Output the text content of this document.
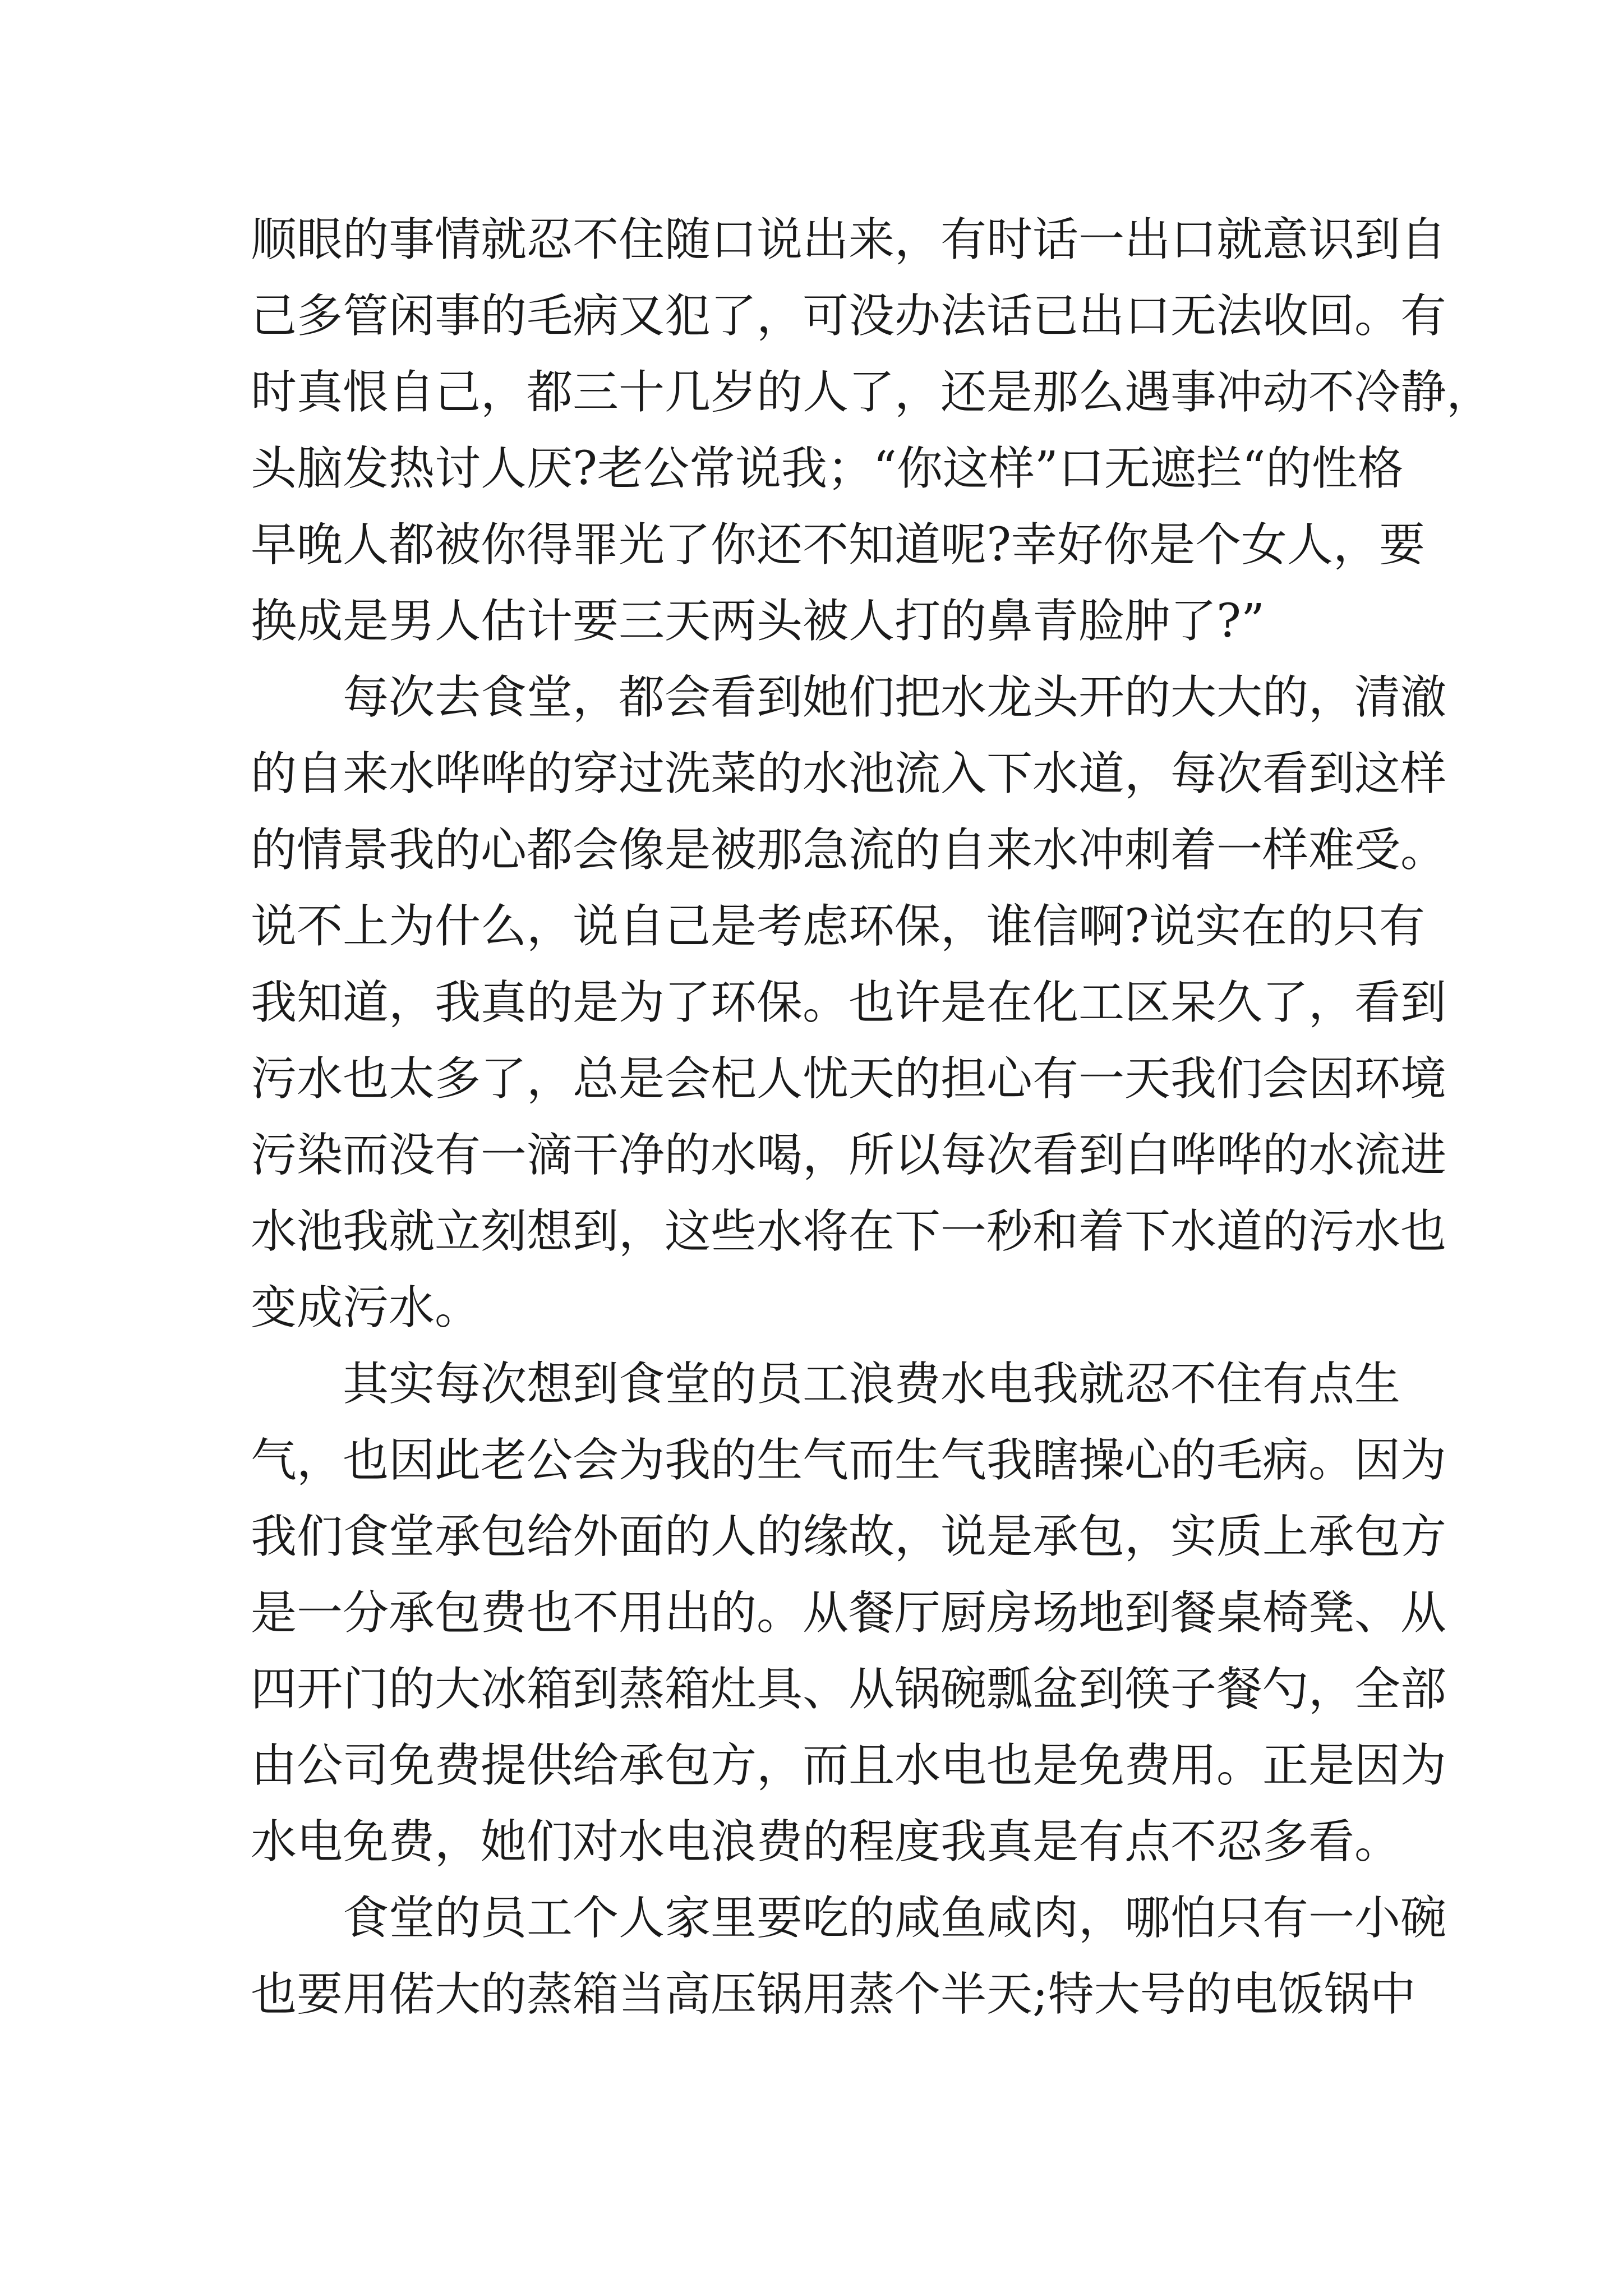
顺眼的事情就忍不住随口说出来，有时话一出口就意识到自
己多管闲事的毛病又犯了，可没办法话已出口无法收回。有
时真恨自己，都三十几岁的人了，还是那么遇事冲动不冷静，
头脑发热讨人厌?老公常说我；“你这样”口无遮拦“的性格
早晚人都被你得罪光了你还不知道呢?幸好你是个女人，要
换成是男人估计要三天两头被人打的鼻青脸肿了?”
每次去食堂，都会看到她们把水龙头开的大大的，清澈
的自来水哗哗的穿过洗菜的水池流入下水道，每次看到这样
的情景我的心都会像是被那急流的自来水冲刺着一样难受。
说不上为什么，说自己是考虑环保，谁信啊?说实在的只有
我知道，我真的是为了环保。也许是在化工区呆久了，看到
污水也太多了，总是会杞人忧天的担心有一天我们会因环境
污染而没有一滴干净的水喝，所以每次看到白哗哗的水流进
水池我就立刻想到，这些水将在下一秒和着下水道的污水也
变成污水。
其实每次想到食堂的员工浪费水电我就忍不住有点生
气，也因此老公会为我的生气而生气我瞎操心的毛病。因为
我们食堂承包给外面的人的缘故，说是承包，实质上承包方
是一分承包费也不用出的。从餐厅厨房场地到餐桌椅凳、从
四开门的大冰箱到蒸箱灶具、从锅碗瓢盆到筷子餐勺，全部
由公司免费提供给承包方，而且水电也是免费用。正是因为
水电免费，她们对水电浪费的程度我真是有点不忍多看。
食堂的员工个人家里要吃的咸鱼咸肉，哪怕只有一小碗
也要用偌大的蒸箱当高压锅用蒸个半天;特大号的电饭锅中
